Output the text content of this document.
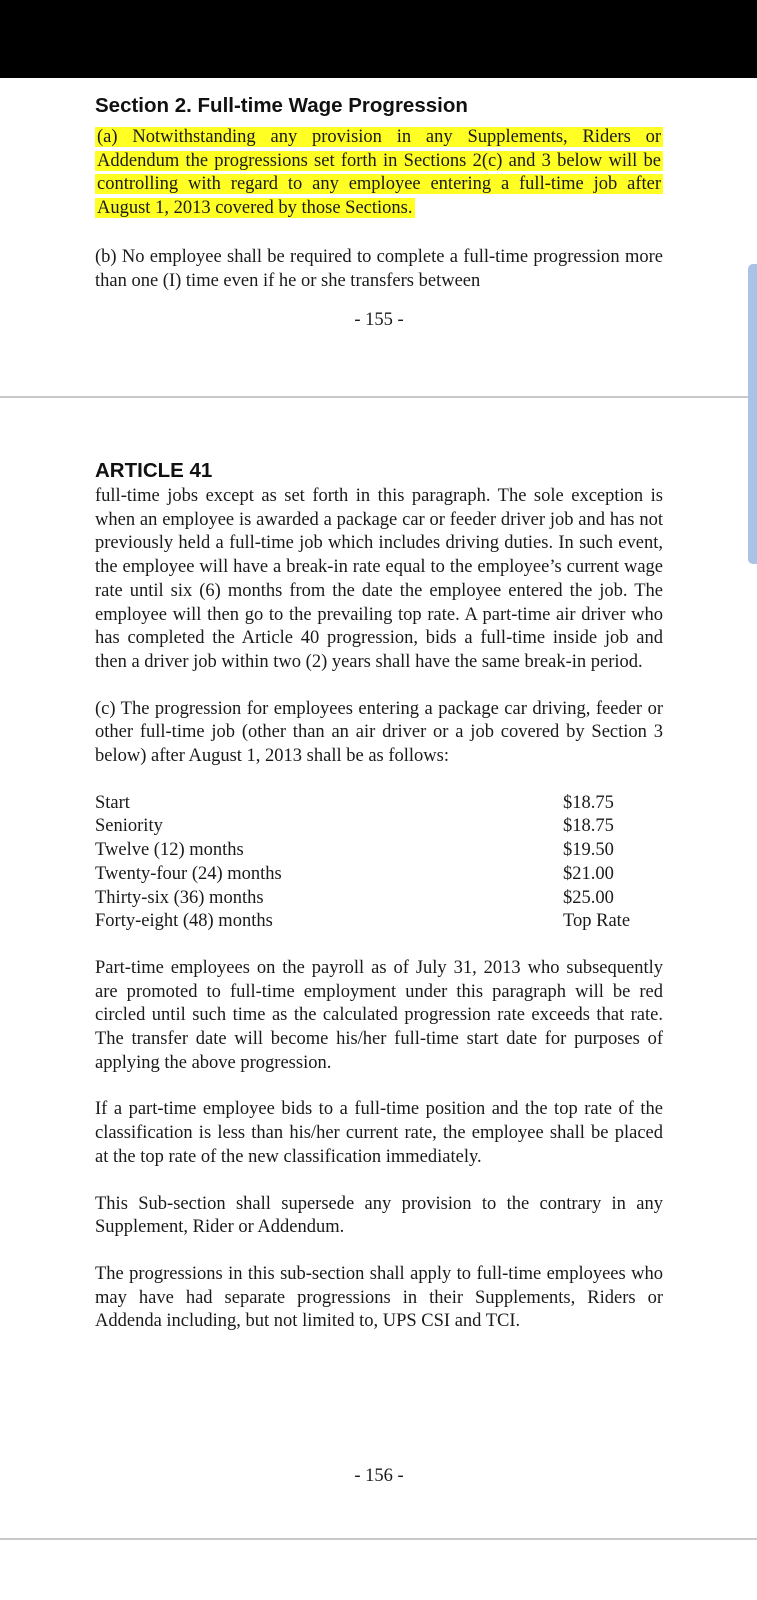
Section 2. Full-time Wage Progression

(a) Notwithstanding any provision in any Supplements, Riders or Addendum the progressions set forth in Sections 2(c) and 3 below will be controlling with regard to any employee entering a full-time job after August 1, 2013 covered by those Sections.

(b) No employee shall be required to complete a full-time progression more than one (I) time even if he or she transfers between

- 155 -
ARTICLE 41

full-time jobs except as set forth in this paragraph. The sole exception is when an employee is awarded a package car or feeder driver job and has not previously held a full-time job which includes driving duties. In such event, the employee will have a break-in rate equal to the employee’s current wage rate until six (6) months from the date the employee entered the job. The employee will then go to the prevailing top rate. A part-time air driver who has completed the Article 40 progression, bids a full-time inside job and then a driver job within two (2) years shall have the same break-in period.

(c) The progression for employees entering a package car driving, feeder or other full-time job (other than an air driver or a job covered by Section 3 below) after August 1, 2013 shall be as follows:

Start	$18.75
Seniority	$18.75
Twelve (12) months	$19.50
Twenty-four (24) months	$21.00
Thirty-six (36) months	$25.00
Forty-eight (48) months	Top Rate

Part-time employees on the payroll as of July 31, 2013 who subsequently are promoted to full-time employment under this paragraph will be red circled until such time as the calculated progression rate exceeds that rate. The transfer date will become his/her full-time start date for purposes of applying the above progression.

If a part-time employee bids to a full-time position and the top rate of the classification is less than his/her current rate, the employee shall be placed at the top rate of the new classification immediately.

This Sub-section shall supersede any provision to the contrary in any Supplement, Rider or Addendum.

The progressions in this sub-section shall apply to full-time employees who may have had separate progressions in their Supplements, Riders or Addenda including, but not limited to, UPS CSI and TCI.

- 156 -
